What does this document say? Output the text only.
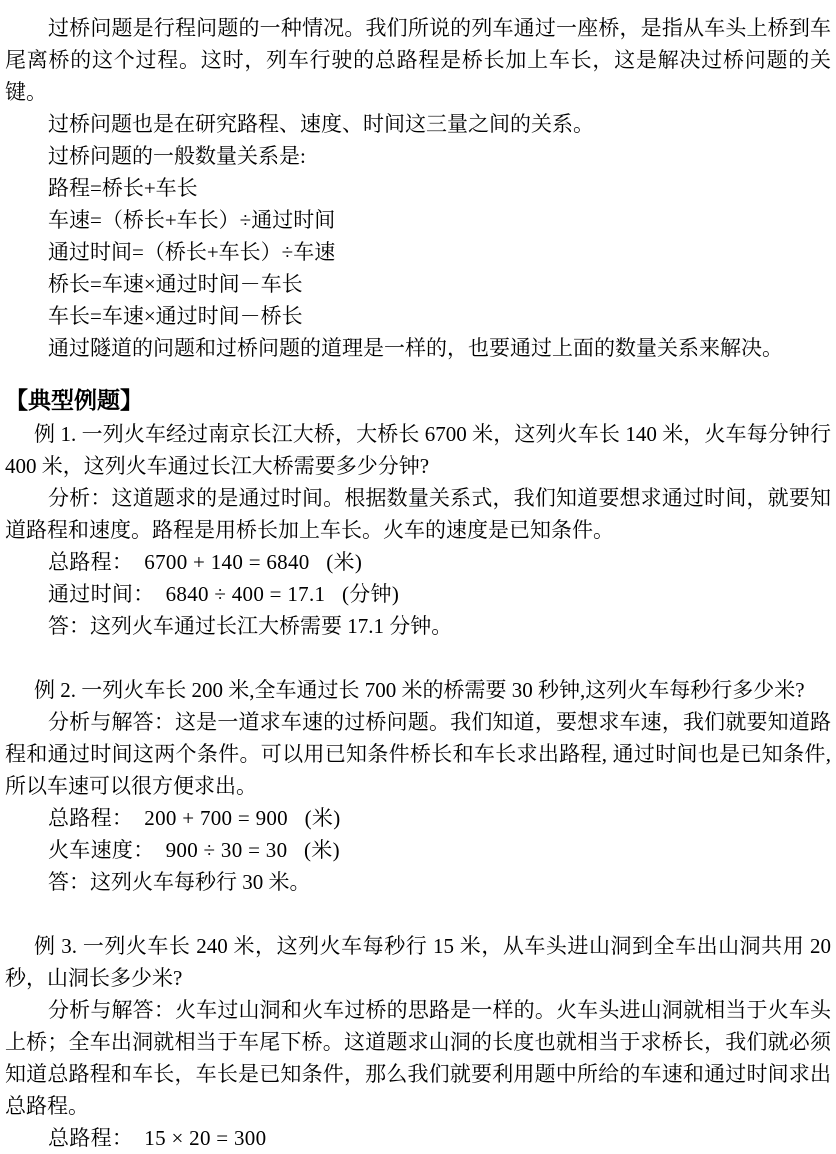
过桥问题是行程问题的一种情况。我们所说的列车通过一座桥，是指从车头上桥到车尾离桥的这个过程。这时，列车行驶的总路程是桥长加上车长，这是解决过桥问题的关键。

过桥问题也是在研究路程、速度、时间这三量之间的关系。

过桥问题的一般数量关系是:

路程=桥长+车长

车速=（桥长+车长）÷通过时间

通过时间=（桥长+车长）÷车速

桥长=车速×通过时间－车长

车长=车速×通过时间－桥长

通过隧道的问题和过桥问题的道理是一样的，也要通过上面的数量关系来解决。

【典型例题】

例 1. 一列火车经过南京长江大桥，大桥长 6700 米，这列火车长 140 米，火车每分钟行 400 米，这列火车通过长江大桥需要多少分钟?

分析：这道题求的是通过时间。根据数量关系式，我们知道要想求通过时间，就要知道路程和速度。路程是用桥长加上车长。火车的速度是已知条件。

总路程：  6700 + 140 = 6840   (米)

通过时间：  6840 ÷ 400 = 17.1   (分钟)

答：这列火车通过长江大桥需要 17.1 分钟。

例 2. 一列火车长 200 米,全车通过长 700 米的桥需要 30 秒钟,这列火车每秒行多少米?

分析与解答：这是一道求车速的过桥问题。我们知道，要想求车速，我们就要知道路程和通过时间这两个条件。可以用已知条件桥长和车长求出路程, 通过时间也是已知条件, 所以车速可以很方便求出。

总路程：  200 + 700 = 900   (米)

火车速度：  900 ÷ 30 = 30   (米)

答：这列火车每秒行 30 米。

例 3. 一列火车长 240 米，这列火车每秒行 15 米，从车头进山洞到全车出山洞共用 20 秒，山洞长多少米?

分析与解答：火车过山洞和火车过桥的思路是一样的。火车头进山洞就相当于火车头上桥；全车出洞就相当于车尾下桥。这道题求山洞的长度也就相当于求桥长，我们就必须知道总路程和车长，车长是已知条件，那么我们就要利用题中所给的车速和通过时间求出总路程。

总路程：  15 × 20 = 300
